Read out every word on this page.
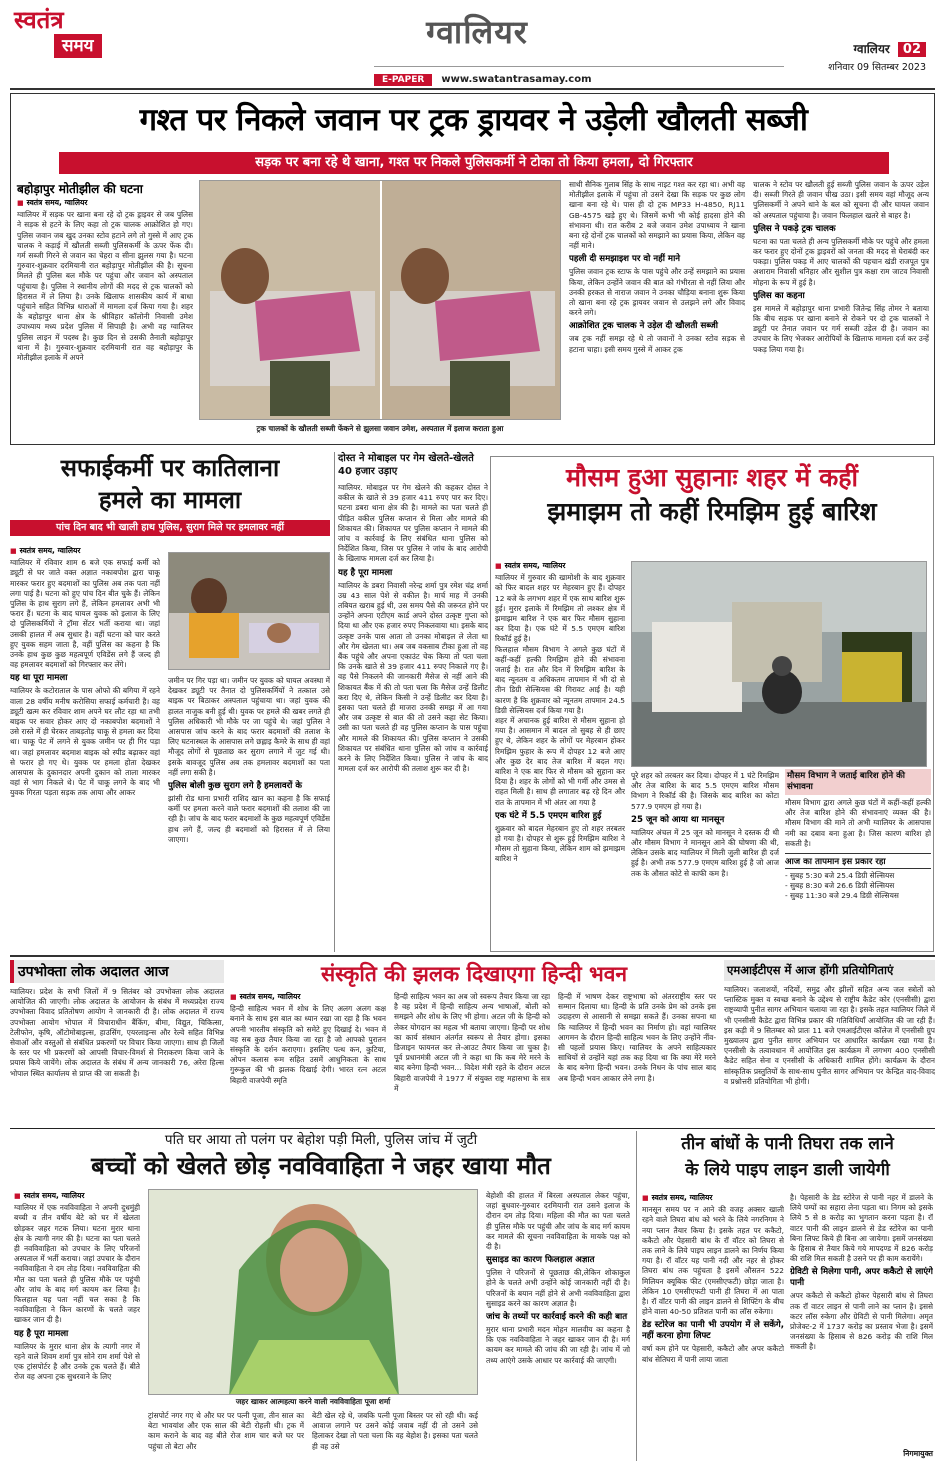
स्वतंत्र
समय	ग्वालियर
E-PAPER www.swatantrasamay.com
ग्वालियर 02
शनिवार 09 सितम्बर 2023
गश्त पर निकले जवान पर ट्रक ड्रायवर ने उड़ेली खौलती सब्जी
सड़क पर बना रहे थे खाना, गश्त पर निकले पुलिसकर्मी ने टोका तो किया हमला, दो गिरफ्तार
बहोड़ापुर मोतीझील की घटना
■ स्वतंत्र समय, ग्वालियर
ग्वालियर में सड़क पर खाना बना रहे दो ट्रक ड्राइवर से जब पुलिस ने सड़क से हटने के लिए कहा तो ट्रक चालक आक्रोशित हो गए। पुलिस जवान जब खुद उनका स्टोव हटाने लगे तो गुस्से में आए ट्रक चालक ने कड़ाई में खौलती सब्जी पुलिसकर्मी के ऊपर फेंक दी। गर्म सब्जी गिरने से जवान का चेहरा व सीना झुलस गया है। घटना गुरुवार-शुक्रवार दरमियानी रात बहोड़ापुर मोतीझील की है। सूचना मिलते ही पुलिस बल मौके पर पहुंचा और जवान को अस्पताल पहुंचाया है। पुलिस ने स्थानीय लोगों की मदद से ट्रक चालकों को हिरासत में ले लिया है। उनके खिलाफ शासकीय कार्य में बाधा पहुंचाने सहित विभिन्न धाराओं में मामला दर्ज किया गया है। शहर के बहोड़ापुर थाना क्षेत्र के श्रीविहार कॉलोनी निवासी उमेश उपाध्याय मध्य प्रदेश पुलिस में सिपाही है। अभी वह ग्वालियर पुलिस लाइन में पदस्थ है। कुछ दिन से उसकी तैनाती बहोड़ापुर थाना में है। गुरुवार-शुक्रवार दरमियानी रात वह बहोड़ापुर के मोतीझील इलाके में अपने
ट्रक चालकों के खौलती सब्जी फेंकने से झुलसा जवान उमेश, अस्पताल में इलाज कराता हुआ
साथी सैनिक गुलाब सिंह के साथ नाइट गश्त कर रहा था। अभी वह मोतीझील इलाके में पहुंचा तो उसने देखा कि सड़क पर कुछ लोग खाना बना रहे थे। पास ही दो ट्रक MP33 H-4850, RJ11 GB-4575 खड़े हुए थे। जिसमें कभी भी कोई हादसा होने की संभावना थी। रात करीब 2 बजे जवान उमेश उपाध्याय ने खाना बना रहे दोनों ट्रक चालकों को समझाने का प्रयास किया, लेकिन वह नहीं माने।
पहली दी समझाइश पर वो नहीं माने
पुलिस जवान ट्रक स्टाफ के पास पहुंचे और उन्हें समझाने का प्रयास किया, लेकिन उन्होंने जवान की बात को गंभीरता से नहीं लिया और उनकी हरकत से नाराज जवान ने उनका चौड़िया बनाना शुरू किया तो खाना बना रहे ट्रक ड्रायवर जवान से उलझने लगे और विवाद करने लगे।
आक्रोशित ट्रक चालक ने उड़ेल दी खौलती सब्जी
जब ट्रक नहीं समझ रहे थे तो जवानों ने उनका स्टोव सड़क से हटाना चाहा। इसी समय गुस्से में आकर ट्रक
चालक ने स्टोव पर खौलती हुई सब्जी पुलिस जवान के ऊपर उड़ेल दी। सब्जी गिरते ही जवान चीख उठा। इसी समय वहां मौजूद अन्य पुलिसकर्मी ने अपने थाने के बल को सूचना दी और घायल जवान को अस्पताल पहुंचाया है। जवान फिलहाल खतरे से बाहर है।
पुलिस ने पकड़े ट्रक चालक
घटना का पता चलते ही अन्य पुलिसकर्मी मौके पर पहुंचे और हमला कर फरार हुए दोनों ट्रक ड्राइवरों को जनता की मदद से घेराबंदी कर पकड़ा। पुलिस पकड़ में आए चालकों की पहचान खंडी राजपूत पुत्र अशाराम निवासी धनिहार और सुशील पुत्र कक्षा राम जाटव निवासी मोहना के रूप में हुई है।
पुलिस का कहना
इस मामले में बहोड़ापुर थाना प्रभारी जितेन्द्र सिंह तोमर ने बताया कि बीच सड़क पर खाना बनाने से रोकने पर दो ट्रक चालकों ने ड्यूटी पर तैनात जवान पर गर्म सब्जी उड़ेल दी है। जवान का उपचार के लिए भेजकर आरोपियों के खिलाफ मामला दर्ज कर उन्हें पकड़ लिया गया है।
सफाईकर्मी पर कातिलाना
हमले का मामला
पांच दिन बाद भी खाली हाथ पुलिस, सुराग मिले पर हमलावर नहीं
■ स्वतंत्र समय, ग्वालियर
ग्वालियर में रविवार शाम 6 बजे एक सफाई कर्मी को ड्यूटी से घर जाते वक्त अज्ञात नकाबपोश द्वारा चाकू मारकर फरार हुए बदमाशों का पुलिस अब तक पता नहीं लगा पाई है। घटना को हुए पांच दिन बीत चुके हैं। लेकिन पुलिस के हाथ सुराग लगे हैं, लेकिन हमलावर अभी भी फरार हैं। घटना के बाद घायल युवक को इलाज के लिए दो पुलिसकर्मियों ने ट्रॉमा सेंटर भर्ती कराया था। जहां उसकी हालत में अब सुधार है। वहीं घटना को चार करते हुए युवक सहम जाता है, वहीं पुलिस का कहना है कि उनके हाथ कुछ कुछ महत्वपूर्ण एविडेंस लगे हैं जल्द ही वह हमलावर बदमाशों को गिरफ्तार कर लेंगे।
यह था पूरा मामला
ग्वालियर के कटोराताल के पास ओफो की बगिया में रहने वाला 28 वर्षीय मनीष करोसिया सफाई कर्मचारी है। वह ड्यूटी खत्म कर रविवार शाम अपने घर लौट रहा था तभी बाइक पर सवार होकर आए दो नकाबपोश बदमाशों ने उसे रास्ते में ही घेरकर ताबड़तोड़ चाकू से हमला कर दिया था। चाकू पेट में लगने से युवक जमीन पर ही गिर पड़ा था। जहां हमलावर बदमाश बाइक को स्पीड बढ़ाकर वहां से फरार हो गए थे। युवक पर हमला होता देखकर आसपास के दुकानदार अपनी दुकान को ताला मारकर वहां से भाग निकले थे। पेट में चाकू लगने के बाद भी युवक गिरता पड़ता सड़क तक आया और आकर
जमीन पर गिर पड़ा था। जमीन पर युवक को घायल अवस्था में देखकर ड्यूटी पर तैनात दो पुलिसकर्मियों ने तत्काल उसे बाइक पर बिठाकर अस्पताल पहुंचाया था। जहां युवक की हालत नाजुक बनी हुई थी। युवक पर हमले की खबर लगते ही पुलिस अधिकारी भी मौके पर जा पहुंचे थे। जहां पुलिस ने आसपास जांच करने के बाद फरार बदमाशों की तलाश के लिए घटनास्थल के आसपास लगे छह्लाइ कैमरे के साथ ही वहां मौजूद लोगों से पूछताछ कर सुराग लगाने में जुट गई थी। इसके बावजूद पुलिस अब तक हमलावर बदमाशों का पता नहीं लगा सकी है।
पुलिस बोली कुछ सुराग लगे है हमलावरों के
झांसी रोड थाना प्रभारी राशिद खान का कहना है कि सफाई कर्मी पर हमला करने वाले फरार बदमाशों की तलाश की जा रही है। जांच के बाद फरार बदमाशों के कुछ महत्वपूर्ण एविडेंस हाथ लगे हैं, जल्द ही बदमाशों को हिरासत में ले लिया जाएगा।
दोस्त ने मोबाइल पर गेम खेलते-खेलते 40 हजार उड़ाए
ग्वालियर. मोबाइल पर गेम खेलने की कहकर दोस्त ने वकील के खाते से 39 हजार 411 रुपए पार कर दिए। घटना डबरा थाना क्षेत्र की है। मामले का पता चलते ही पीड़ित वकील पुलिस कप्तान से मिला और मामले की शिकायत की। शिकायत पर पुलिस कप्तान ने मामले की जांच व कार्रवाई के लिए संबंधित थाना पुलिस को निर्देशित किया, जिस पर पुलिस ने जांच के बाद आरोपी के खिलाफ मामला दर्ज कर लिया है।
यह है पूरा मामला
ग्वालियर के डबरा निवासी नरेन्द्र शर्मा पुत्र रमेश चंद्र शर्मा उम्र 43 साल पेशे से वकील है। मार्च माह में उनकी तबियत खराब हुई थी, उस समय पैसे की जरूरत होने पर उन्होंने अपना एटीएम कार्ड अपने दोस्त उत्कृष्ट गुप्ता को दिया था और एक हजार रुपए निकलवाया था। इसके बाद उत्कृष्ट उनके पास आता तो उनका मोबाइल ले लेता था और गेम खेलता था। अब जब वकसाब टीका हुआ तो वह बैंक पहुंचे और अपना एकाउंट चेक किया तो पता चला कि उनके खाते से 39 हजार 411 रुपए निकाले गए है। वह पैसे निकलने की जानकारी मैसेज से नहीं आने की शिकायत बैंक में की तो पता चला कि मैसेज उन्हें डिलीट करा दिए थे, लेकिन किसी ने उन्हें डिलीट कर दिया है। इसका पता चलते ही माजरा उनकी समझ में आ गया और जब उत्कृष्ट से बात की तो उसने कहा सेट किया। उसी का पता चलते ही वह पुलिस कप्तान के पास पहुंचा और मामले की शिकायत की। पुलिस कप्तान ने उसकी शिकायत पर संबंधित थाना पुलिस को जांच व कार्रवाई करने के लिए निर्देशित किया। पुलिस ने जांच के बाद मामला दर्ज कर आरोपी की तलाश शुरू कर दी है।
मौसम हुआ सुहानाः शहर में कहीं
झमाझम तो कहीं रिमझिम हुई बारिश
■ स्वतंत्र समय, ग्वालियर
ग्वालियर में गुरुवार की खामोशी के बाद शुक्रवार को फिर बादल शहर पर मेहरबान हुए हैं। दोपहर 12 बजे के लगभग शहर में एक साथ बारिश शुरू हुई। मुरार इलाके में रिमझिम तो लश्कर क्षेत्र में झमाझम बारिश ने एक बार फिर मौसम सुहाना कर दिया है। एक घंटे में 5.5 एमएम बारिश रिकॉर्ड हुई है।
फिलहाल मौसम विभाग ने अगले कुछ घंटों में कहीं-कहीं हल्की रिमझिम होने की संभावना जताई है। रात और दिन में रिमझिम बारिश के बाद न्यूनतम व अधिकतम तापमान में भी दो से तीन डिग्री सेल्सियस की गिरावट आई है। यही कारण है कि शुक्रवार को न्यूनतम तापमान 24.5 डिग्री सेल्सियस दर्ज किया गया है।
शहर में अचानक हुई बारिश से मौसम सुहाना हो गया है। आसमान में बादल तो सुबह से ही छाए हुए थे, लेकिन शहर के लोगों पर मेहरबान होकर रिमझिम फुहार के रूप में दोपहर 12 बजे आए और कुछ देर बाद तेज बारिश में बदल गए। बारिश ने एक बार फिर से मौसम को सुहाना कर दिया है। शहर के लोगों को भी गर्मी और उमस से राहत मिली है। साथ ही लगातार बढ़ रहे दिन और रात के तापमान में भी अंतर आ गया है
एक घंटे में 5.5 एमएम बारिश हुई
शुक्रवार को बादल मेहरबान हुए तो शहर तरबतर हो गया है। दोपहर से शुरू हुई रिमझिम बारिश ने मौसम तो सुहाना किया, लेकिन शाम को झमाझम बारिश ने
पूरे शहर को तरबतर कर दिया। दोपहर में 1 घंटे रिमझिम और तेज बारिश के बाद 5.5 एमएम बारिश मौसम विभाग ने रिकॉर्ड की है। जिसके बाद बारिश का कोटा 577.9 एमएम हो गया है।
25 जून को आया था मानसून
ग्वालियर अंचल में 25 जून को मानसून ने दस्तक दी थी और मौसम विभाग ने मानसून आने की घोषणा की थी, लेकिन उसके बाद ग्वालियर में मिली जुली बारिश ही दर्ज हुई है। अभी तक 577.9 एमएम बारिश हुई है जो आज तक के औसत कोटे से काफी कम है।
मौसम विभाग ने जताई बारिश होने की संभावना
मौसम विभाग द्वारा अगले कुछ घंटों में कहीं-कहीं हल्की और तेज बारिश होने की संभावनाएं व्यक्त की है। मौसम विभाग की माने तो अभी ग्वालियर के आसपास नमी का दबाव बना हुआ है। जिस कारण बारिश हो सकती है।
आज का तापमान इस प्रकार रहा
- सुबह 5:30 बजे 25.4 डिग्री सेल्सियस
- सुबह 8:30 बजे 26.6 डिग्री सेल्सियस
- सुबह 11:30 बजे 29.4 डिग्री सेल्सियस
उपभोक्ता लोक अदालत आज
ग्वालियर। प्रदेश के सभी जिलों में 9 सितंबर को उपभोक्ता लोक अदालत आयोजित की जाएगी। लोक अदालत के आयोजन के संबंध में मध्यप्रदेश राज्य उपभोक्ता विवाद प्रतितोषण आयोग ने जानकारी दी है। लोक अदालत में राज्य उपभोक्ता आयोग भोपाल में विचाराधीन बैंकिंग, बीमा, विद्युत, चिकित्सा, टेलीफोन, कृषि, ऑटोमोबाइल्स, हाउसिंग, एयरलाइन्स और रेल्वे सहित विभिन्न सेवाओं और वस्तुओं से संबंधित प्रकरणों पर विचार किया जाएगा। साथ ही जिलों के स्तर पर भी प्रकरणों को आपसी विचार-विमर्श से निराकरण किया जाने के प्रयास किये जायेंगे। लोक अदालत के संबंध में अन्य जानकारी 76, अरेरा हिल्स भोपाल स्थित कार्यालय से प्राप्त की जा सकती है।
संस्कृति की झलक दिखाएगा हिन्दी भवन
■ स्वतंत्र समय, ग्वालियर
हिन्दी साहित्य भवन में शोध के लिए अलग अलग कक्ष बनाने के साथ इस बात का ध्यान रखा जा रहा है कि भवन अपनी भारतीय संस्कृति को समेटे हुए दिखाई दे। भवन में वह सब कुछ तैयार किया जा रहा है जो आपको पुरातन संस्कृति के दर्शन कराएगा। इसलिए पत्थ कन, कुटिया, ओपन कलास रूम सहित उसमें आधुनिकता के साथ गुरूकुल की भी झलक दिखाई देगी। भारत रत्न अटल बिहारी वाजपेयी स्मृति
हिन्दी साहित्य भवन का अब जो स्वरूप तैयार किया जा रहा है वह प्रदेश में हिन्दी साहित्य अन्य भाषाओं, बोली को समझने और शोध के लिए भी होगा। अटल जी के हिन्दी को लेकर योगदान का महत्व भी बताया जाएगा। हिन्दी पर शोध का कार्य संस्थान अंतर्गत स्वरूप से तैयार होगा। इसका डिजाइन फायनल कर ले-आउट तैयार किया जा चुका है। पूर्व प्रधानमंत्री अटल जी ने कहा था कि कब मेरे मरने के बाद बनेगा हिन्दी भवन... विदेश मंत्री रहते के दौरान अटल बिहारी वाजपेयी ने 1977 में संयुक्त राष्ट्र महासभा के सत्र में
हिन्दी में भाषण देकर राष्ट्रभाषा को अंतरराष्ट्रीय स्तर पर सम्मान दिलाया था। हिन्दी के प्रति उनके प्रेम को उनके इस उदाहरण से आसानी से समझा सकते हैं। उनका सपना था कि ग्वालियर में हिन्दी भवन का निर्माण हो। वहां ग्वालियर आगमन के दौरान हिन्दी साहित्य भवन के लिए उन्होंने नींव-सी पहलों प्रयास किए। ग्वालियर के अपने साहित्यकार साथियों से उन्होंने यहां तक कह दिया था कि क्या मेरे मरने के बाद बनेगा हिन्दी भवन। उनके निधन के पांच साल बाद अब हिन्दी भवन आकार लेने लगा है।
एमआईटीएस में आज होंगी प्रतियोगिताएं
ग्वालियर। जलाशयों, नदियों, समुद्र और झीलों सहित अन्य जल स्त्रोतों को प्लास्टिक मुक्त व स्वच्छ बनाने के उद्देश्य से राष्ट्रीय कैडेट कोर (एनसीसी) द्वारा राष्ट्रव्यापी पुनीत सागर अभियान चलाया जा रहा है। इसके तहत ग्वालियर जिले में भी एनसीसी कैडेट द्वारा विभिन्न प्रकार की गतिविधियाँ आयोजित की जा रही हैं। इस कड़ी में 9 सितम्बर को प्रातः 11 बजे एमआईटीएस कॉलेज में एनसीसी ग्रुप मुख्यालय द्वारा पुनीत सागर अभियान पर आधारित कार्यक्रम रखा गया है। एनसीसी के तत्वावधान में आयोजित इस कार्यक्रम में लगभग 400 एनसीसी कैडेट सहित सेना व एनसीसी के अधिकारी शामिल होंगे। कार्यक्रम के दौरान सांस्कृतिक प्रस्तुतियों के साथ-साथ पुनीत सागर अभियान पर केन्द्रित वाद-विवाद व प्रश्नोत्तरी प्रतियोगिता भी होगी।
पति घर आया तो पलंग पर बेहोश पड़ी मिली, पुलिस जांच में जुटी
बच्चों को खेलते छोड़ नवविवाहिता ने जहर खाया मौत
■ स्वतंत्र समय, ग्वालियर
ग्वालियर में एक नवविवाहिता ने अपनी दुधमुंही बच्ची व तीन वर्षीय बेटे को घर में खेलता छोड़कर जहर गटक लिया। घटना मुरार थाना क्षेत्र के त्यागी नगर की है। घटना का पता चलते ही नवविवाहिता को उपचार के लिए परिजनों अस्पताल में भर्ती कराया। जहां उपचार के दौरान नवविवाहिता ने दम तोड़ दिया। नवविवाहिता की मौत का पता चलते ही पुलिस मौके पर पहुंची और जांच के बाद मर्ग कायम कर लिया है। फिलहाल यह पता नहीं चल सका है कि नवविवाहिता ने किन कारणों के चलते जहर खाकर जान दी है।
यह है पूरा मामला
ग्वालियर के मुरार थाना क्षेत्र के त्यागी नगर में रहने वाले शिवम शर्मा पुत्र सोने राम शर्मा पेशे से एक ट्रांसपोर्टर है और उनके ट्रक चलते हैं। बीते रोज वह अपना ट्रक सुधरवाने के लिए
जहर खाकर आत्महत्या करने वाली नवविवाहिता पूजा शर्मा
ट्रांसपोर्ट नगर गए थे और घर पर पत्नी पूजा, तीन साल का बेटा भावयांश और एक साल की बेटी रोहली थी। ट्रक में काम कराने के बाद वह बीते रोज शाम चार बजे घर पर पहुंचा तो बेटा और
बेटी खेल रहे थे, जबकि पत्नी पूजा बिस्तर पर सो रही थी। कई आवाज लगाने पर उसने कोई जवाब नहीं दी तो उसने उसे हिलाकर देखा तो पता चला कि वह बेहोश है। इसका पता चलते ही वह उसे
बेहोशी की हालत में बिरला अस्पताल लेकर पहुंचा, जहां बुधवार-गुरुवार दरमियानी रात उसने इलाज के दौरान दम तोड़ दिया। महिला की मौत का पता चलते ही पुलिस मौके पर पहुंची और जांच के बाद मर्ग कायम कर मामले की सूचना नवविवाहिता के मायके पक्ष को दी है।
सुसाइड का कारण फिलहाल अज्ञात
पुलिस ने परिजनों से पूछताछ की,लेकिन शोकाकुल होने के चलते अभी उन्होंने कोई जानकारी नहीं दी है। परिजनों के बयान नहीं होने से अभी नवविवाहिता द्वारा सुसाइड करने का कारण अज्ञात है।
जांच के तथ्यों पर कार्रवाई करने की कही बात
मुरार थाना प्रभारी मदन मोहन मालवीय का कहना है कि एक नवविवाहिता ने जहर खाकर जान दी है। मर्ग कायम कर मामले की जांच की जा रही है। जांच में जो तथ्य आएंगे उसके आधार पर कार्रवाई की जाएगी।
तीन बांधों के पानी तिघरा तक लाने
के लिये पाइप लाइन डाली जायेगी
■ स्वतंत्र समय, ग्वालियर
मानसून समय पर न आने की वजह अक्सर खाली रहने वाले तिघरा बांध को भरने के लिये नगरनिगम ने नया प्लान तैयार किया है। इसके तहत पर ककैटो, ककैटो और पेहसारी बांध के रॉ वॉटर को तिघरा से तक लाने के लिये पाइप लाइन डालने का निर्णय किया गया है। रॉ वॉटर यह पानी नदी और नहर से होकर तिघरा बांध तक पहुंचता है इसमें औसतन 522 मिलियन क्यूबिक फीट (एमसीएफटी) छोड़ा जाता है। लेकिन 10 एमसीएफटी पानी ही तिघरा में आ पाता है। रॉ वॉटर पानी की लाइन डालने से शिफ्टिंग के बीच होने वाला 40-50 प्रतिशत पानी का लॉस रुकेगा।
डेड स्टोरेज का पानी भी उपयोग में ले सकेंगे, नहीं करना होगा लिफ्ट
वर्षा कम होने पर पेहसारी, ककैटो और अपर ककैटो बांध सेतिघरा में पानी लाया जाता
है। पेहसारी के डेड स्टोरेज से पानी नहर में डालने के लिये पम्पों का सहारा लेना पड़ता था। निगम को इसके लिये 5 से 8 करोड़ का भुगतान करना पड़ता है। रॉ वाटर पानी की लाइन डालने से डेड स्टोरेज का पानी बिना लिफ्ट किये ही बिना आ जायेगा। इसमें जनसंख्या के हिसाब से तैयार किये गये मापदण्ड में 826 करोड़ की राशि मिल सकती है उसने पर ही काम करायेंगे।
ग्रेविटी से मिलेगा पानी, अपर ककैटो से लाएंगे पानी
अपर ककैटो से ककैटो होकर पेहसारी बांध से तिघरा तक रॉ वाटर लाइन से पानी लाने का प्लान है। इससे कटर लॉस रुकेगा और ग्रेविटी से पानी मिलेगा। अमृत प्रोजेक्ट-2 में 1737 करोड़ का प्रस्ताव भेजा है। इसमें जनसंख्या के हिसाब से 826 करोड़ की राशि मिल सकती है।
निगमायुक्त
